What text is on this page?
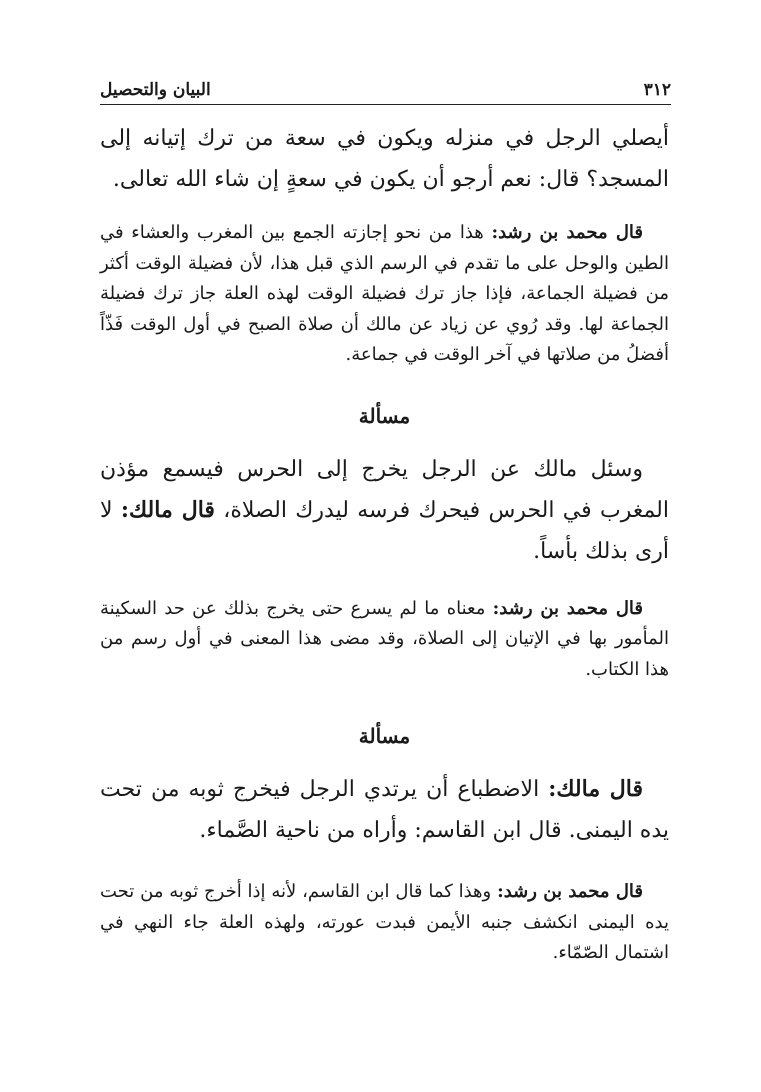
٣١٢
البيان والتحصيل

أيصلي الرجل في منزله ويكون في سعة من ترك إتيانه إلى المسجد؟ قال: نعم أرجو أن يكون في سعةٍ إن شاء الله تعالى.

قال محمد بن رشد: هذا من نحو إجازته الجمع بين المغرب والعشاء في الطين والوحل على ما تقدم في الرسم الذي قبل هذا، لأن فضيلة الوقت أكثر من فضيلة الجماعة، فإذا جاز ترك فضيلة الوقت لهذه العلة جاز ترك فضيلة الجماعة لها. وقد رُوي عن زياد عن مالك أن صلاة الصبح في أول الوقت فَذّاً أفضلُ من صلاتها في آخر الوقت في جماعة.

مسألة

وسئل مالك عن الرجل يخرج إلى الحرس فيسمع مؤذن المغرب في الحرس فيحرك فرسه ليدرك الصلاة، قال مالك: لا أرى بذلك بأساً.

قال محمد بن رشد: معناه ما لم يسرع حتى يخرج بذلك عن حد السكينة المأمور بها في الإتيان إلى الصلاة، وقد مضى هذا المعنى في أول رسم من هذا الكتاب.

مسألة

قال مالك: الاضطباع أن يرتدي الرجل فيخرج ثوبه من تحت يده اليمنى. قال ابن القاسم: وأراه من ناحية الصَّماء.

قال محمد بن رشد: وهذا كما قال ابن القاسم، لأنه إذا أخرج ثوبه من تحت يده اليمنى انكشف جنبه الأيمن فبدت عورته، ولهذه العلة جاء النهي في اشتمال الصّمّاء.
